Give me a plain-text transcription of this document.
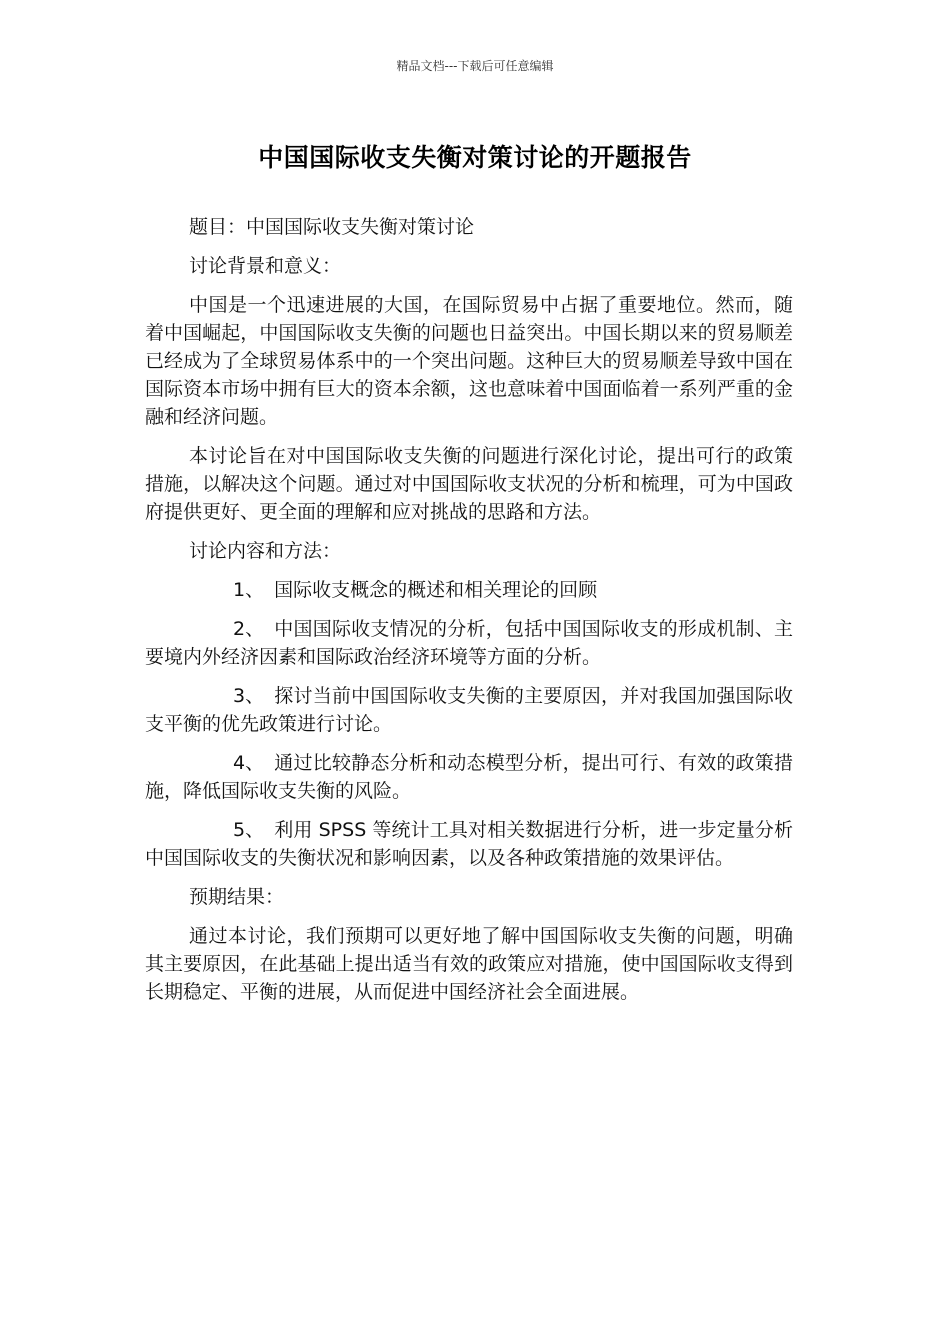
精品文档---下载后可任意编辑
中国国际收支失衡对策讨论的开题报告

题目：中国国际收支失衡对策讨论

讨论背景和意义：

中国是一个迅速进展的大国，在国际贸易中占据了重要地位。然而，随着中国崛起，中国国际收支失衡的问题也日益突出。中国长期以来的贸易顺差已经成为了全球贸易体系中的一个突出问题。这种巨大的贸易顺差导致中国在国际资本市场中拥有巨大的资本余额，这也意味着中国面临着一系列严重的金融和经济问题。

本讨论旨在对中国国际收支失衡的问题进行深化讨论，提出可行的政策措施，以解决这个问题。通过对中国国际收支状况的分析和梳理，可为中国政府提供更好、更全面的理解和应对挑战的思路和方法。

讨论内容和方法：

1、 国际收支概念的概述和相关理论的回顾

2、 中国国际收支情况的分析，包括中国国际收支的形成机制、主要境内外经济因素和国际政治经济环境等方面的分析。

3、 探讨当前中国国际收支失衡的主要原因，并对我国加强国际收支平衡的优先政策进行讨论。

4、 通过比较静态分析和动态模型分析，提出可行、有效的政策措施，降低国际收支失衡的风险。

5、 利用 SPSS 等统计工具对相关数据进行分析，进一步定量分析中国国际收支的失衡状况和影响因素，以及各种政策措施的效果评估。

预期结果：

通过本讨论，我们预期可以更好地了解中国国际收支失衡的问题，明确其主要原因，在此基础上提出适当有效的政策应对措施，使中国国际收支得到长期稳定、平衡的进展，从而促进中国经济社会全面进展。
